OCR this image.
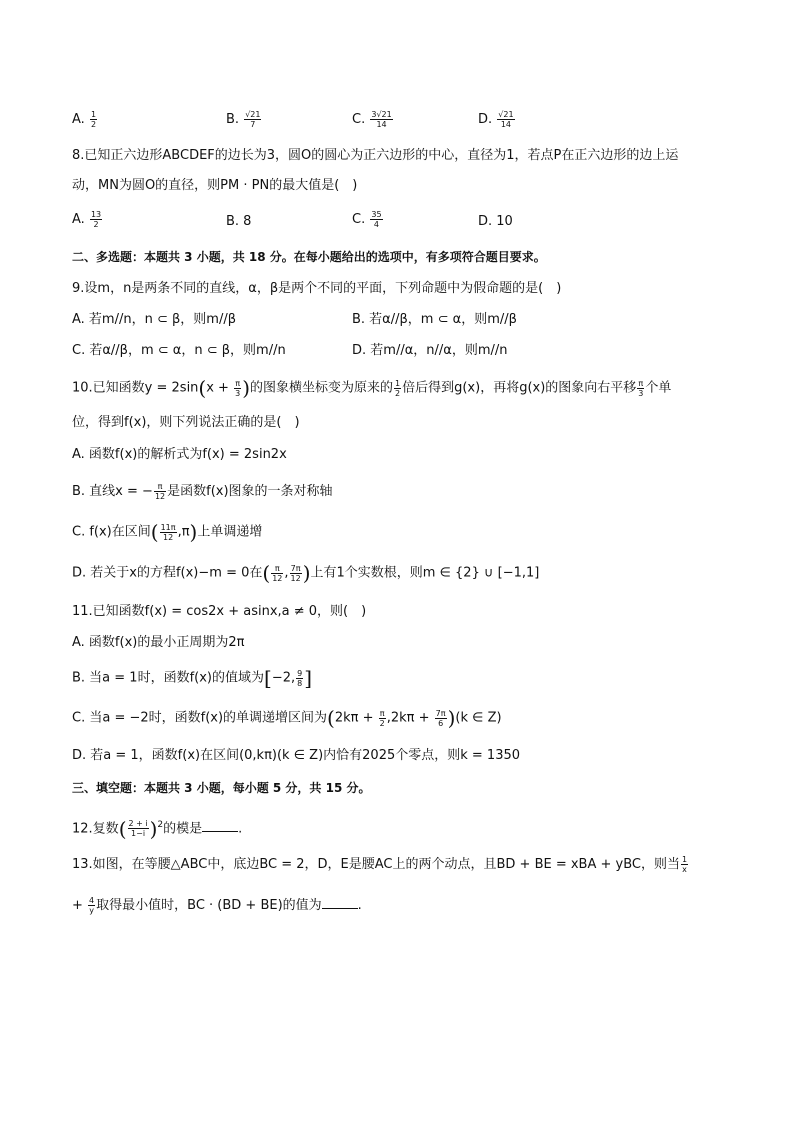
A. $\frac{1}{2}$	B. $\frac{√21}{7}$	C. $\frac{3√21}{14}$	D. $\frac{√21}{14}$
8.已知正六边形ABCDEF的边长为3，圆O的圆心为正六边形的中心，直径为1，若点P在正六边形的边上运
动，MN为圆O的直径，则PM · PN的最大值是(　)
A. $\frac{13}{2}$	B. 8	C. $\frac{35}{4}$	D. 10
二、多选题：本题共 3 小题，共 18 分。在每小题给出的选项中，有多项符合题目要求。
9.设m，n是两条不同的直线，α，β是两个不同的平面，下列命题中为假命题的是(　)
A. 若m//n，n ⊂ β，则m//β	B. 若α//β，m ⊂ α，则m//β
C. 若α//β，m ⊂ α，n ⊂ β，则m//n	D. 若m//α，n//α，则m//n
10.已知函数$y = 2\sin(x + \frac{\pi}{3}$ )的图象横坐标变为原来的 $\frac{1}{2}$ 倍后得到g(x)，再将g(x)的图象向右平移 $\frac{\pi}{3}$ 个单
位，得到f(x)，则下列说法正确的是(　)
A. 函数f(x)的解析式为f(x) = 2sin2x
B. 直线x = − $\frac{\pi}{12}$ 是函数f(x)图象的一条对称轴
C. f(x)在区间( $\frac{11\pi}{12} ,\pi$)上单调递增
D. 若关于x的方程f(x)−m = 0在( $\frac{\pi}{12}$ , $\frac{7\pi}{12}$ )上有1个实数根，则m ∈ {2} ∪ [−1,1]
11.已知函数f(x) = cos2x + asinx,a ≠ 0，则(　)
A. 函数f(x)的最小正周期为2π
B. 当a = 1时，函数f(x)的值域为[−2, $\frac{9}{8}$ ]
C. 当a = −2时，函数f(x)的单调递增区间为$(2k\pi + \frac{\pi}{2} ,2k\pi + \frac{7\pi}{6} )(k$ ∈ Z)
D. 若a = 1，函数f(x)在区间(0,kπ)(k ∈ Z)内恰有2025个零点，则k = 1350
三、填空题：本题共 3 小题，每小题 5 分，共 15 分。
12.复数( $\frac{2 + i}{1-i} )^2$的模是	.
13.如图，在等腰△ABC中，底边BC = 2，D，E是腰AC上的两个动点，且BD + BE = xBA + yBC，则当 $\frac{1}{x}$
+ $\frac{4}{y}$ 取得最小值时，BC · (BD + BE)的值为	.
